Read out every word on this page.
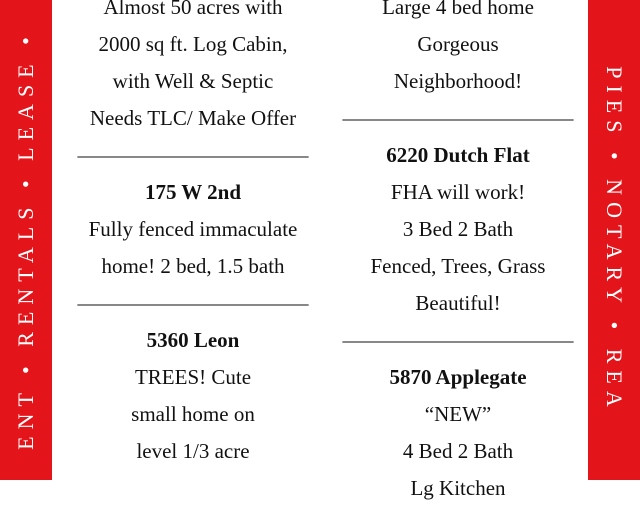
ENT • RENTALS • LEASE •	PIES • NOTARY • REA
Almost 50 acres with
2000 sq ft. Log Cabin,
with Well & Septic
Needs TLC/ Make Offer
———————————
175 W 2nd
Fully fenced immaculate
home! 2 bed, 1.5 bath
———————————
5360 Leon
TREES! Cute
small home on
level 1/3 acre
Large 4 bed home
Gorgeous
Neighborhood!
———————————
6220 Dutch Flat
FHA will work!
3 Bed 2 Bath
Fenced, Trees, Grass
Beautiful!
———————————
5870 Applegate
“NEW”
4 Bed 2 Bath
Lg Kitchen
